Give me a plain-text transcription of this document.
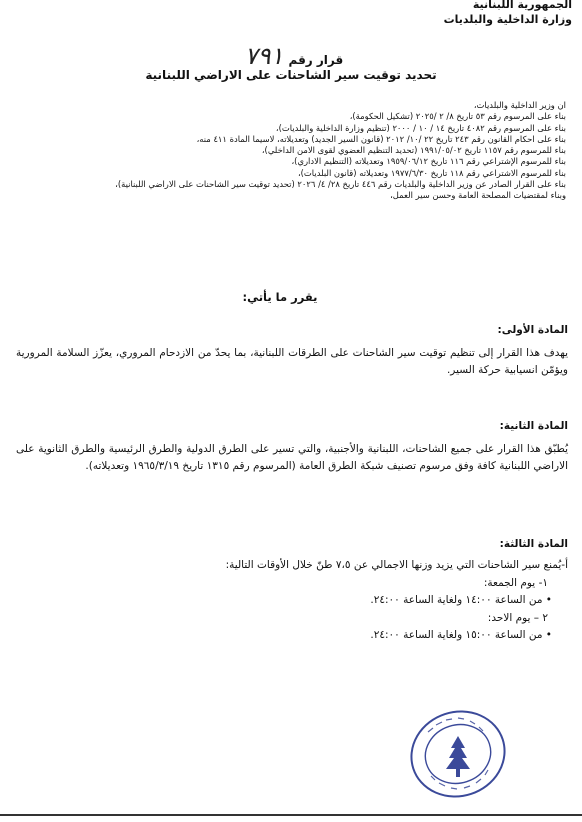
الجمهورية اللبنانية
وزارة الداخلية والبلديات
قرار رقم ٧٩١
تحديد توقيت سير الشاحنات على الاراضي اللبنانية
ان وزير الداخلية والبلديات،
بناء على المرسوم رقم ٥٣ تاريخ ٨/ ٢ /٢٠٢٥ (تشكيل الحكومة)،
بناء على المرسوم رقم ٤٠٨٢ تاريخ ١٤ / ١٠ / ٢٠٠٠ (تنظيم وزارة الداخلية والبلديات)،
بناء على احكام القانون رقم ٢٤٣ تاريخ ٢٢ /١٠/ ٢٠١٢ (قانون السير الجديد) وتعديلاته، لاسيما المادة ٤١١ منه،
بناء للمرسوم رقم ١١٥٧ تاريخ ١٩٩١/٠٥/٠٢ (تحديد التنظيم العضوي لقوى الامن الداخلي)،
بناء للمرسوم الإشتراعي رقم ١١٦ تاريخ ١٩٥٩/٠٦/١٢ وتعديلاته (التنظيم الاداري)،
بناء للمرسوم الاشتراعي رقم ١١٨ تاريخ ١٩٧٧/٦/٣٠ وتعديلاته (قانون البلديات)،
بناء على القرار الصادر عن وزير الداخلية والبلديات رقم ٤٤٦ تاريخ ٢٨/ ٤/ ٢٠٢٦ (تحديد توقيت سير الشاحنات على الاراضي اللبنانية)،
وبناء لمقتضيات المصلحة العامة وحسن سير العمل،
يقرر ما يأتي:
المادة الأولى:

يهدف هذا القرار إلى تنظيم توقيت سير الشاحنات على الطرقات اللبنانية، بما يحدّ من الازدحام المروري، يعزّز السلامة المرورية ويؤمّن انسيابية حركة السير.

المادة الثانية:

يُطبّق هذا القرار على جميع الشاحنات، اللبنانية والأجنبية، والتي تسير على الطرق الدولية والطرق الرئيسية والطرق الثانوية على الاراضي اللبنانية كافة وفق مرسوم تصنيف شبكة الطرق العامة (المرسوم رقم ١٣١٥ تاريخ ١٩٦٥/٣/١٩ وتعديلاته).

المادة الثالثة:
أ-يُمنع سير الشاحنات التي يزيد وزنها الاجمالي عن ٧،٥ طنّ خلال الأوقات التالية:
١- يوم الجمعة:
• من الساعة ١٤:٠٠ ولغاية الساعة ٢٤:٠٠.
٢ – يوم الاحد:
• من الساعة ١٥:٠٠ ولغاية الساعة ٢٤:٠٠.
